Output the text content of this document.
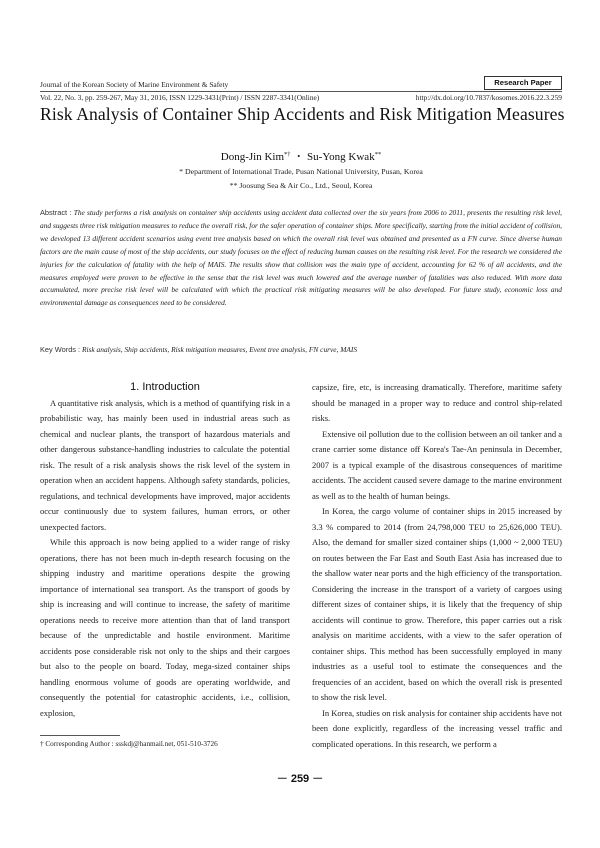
Journal of the Korean Society of Marine Environment & Safety	Research Paper
Vol. 22, No. 3, pp. 259-267, May 31, 2016, ISSN 1229-3431(Print) / ISSN 2287-3341(Online)	http://dx.doi.org/10.7837/kosomes.2016.22.3.259
Risk Analysis of Container Ship Accidents and Risk Mitigation Measures
Dong-Jin Kim*† ・ Su-Yong Kwak**
* Department of International Trade, Pusan National University, Pusan, Korea
** Joosung Sea & Air Co., Ltd., Seoul, Korea
Abstract : The study performs a risk analysis on container ship accidents using accident data collected over the six years from 2006 to 2011, presents the resulting risk level, and suggests three risk mitigation measures to reduce the overall risk, for the safer operation of container ships. More specifically, starting from the initial accident of collision, we developed 13 different accident scenarios using event tree analysis based on which the overall risk level was obtained and presented as a FN curve. Since diverse human factors are the main cause of most of the ship accidents, our study focuses on the effect of reducing human causes on the resulting risk level. For the research we considered the injuries for the calculation of fatality with the help of MAIS. The results show that collision was the main type of accident, accounting for 62 % of all accidents, and the measures employed were proven to be effective in the sense that the risk level was much lowered and the average number of fatalities was also reduced. With more data accumulated, more precise risk level will be calculated with which the practical risk mitigating measures will be also developed. For future study, economic loss and environmental damage as consequences need to be considered.
Key Words : Risk analysis, Ship accidents, Risk mitigation measures, Event tree analysis, FN curve, MAIS

1. Introduction

A quantitative risk analysis, which is a method of quantifying risk in a probabilistic way, has mainly been used in industrial areas such as chemical and nuclear plants, the transport of hazardous materials and other dangerous substance-handling industries to calculate the potential risk. The result of a risk analysis shows the risk level of the system in operation when an accident happens. Although safety standards, policies, regulations, and technical developments have improved, major accidents occur continuously due to system failures, human errors, or other unexpected factors.

While this approach is now being applied to a wider range of risky operations, there has not been much in-depth research focusing on the shipping industry and maritime operations despite the growing importance of international sea transport. As the transport of goods by ship is increasing and will continue to increase, the safety of maritime operations needs to receive more attention than that of land transport because of the unpredictable and hostile environment. Maritime accidents pose considerable risk not only to the ships and their cargoes but also to the people on board. Today, mega-sized container ships handling enormous volume of goods are operating worldwide, and consequently the potential for catastrophic accidents, i.e., collision, explosion,

capsize, fire, etc, is increasing dramatically. Therefore, maritime safety should be managed in a proper way to reduce and control ship-related risks.

Extensive oil pollution due to the collision between an oil tanker and a crane carrier some distance off Korea's Tae-An peninsula in December, 2007 is a typical example of the disastrous consequences of maritime accidents. The accident caused severe damage to the marine environment as well as to the health of human beings.

In Korea, the cargo volume of container ships in 2015 increased by 3.3 % compared to 2014 (from 24,798,000 TEU to 25,626,000 TEU). Also, the demand for smaller sized container ships (1,000 ~ 2,000 TEU) on routes between the Far East and South East Asia has increased due to the shallow water near ports and the high efficiency of the transportation. Considering the increase in the transport of a variety of cargoes using different sizes of container ships, it is likely that the frequency of ship accidents will continue to grow. Therefore, this paper carries out a risk analysis on maritime accidents, with a view to the safer operation of container ships. This method has been successfully employed in many industries as a useful tool to estimate the consequences and the frequencies of an accident, based on which the overall risk is presented to show the risk level.

In Korea, studies on risk analysis for container ship accidents have not been done explicitly, regardless of the increasing vessel traffic and complicated operations. In this research, we perform a

† Corresponding Author : ssskdj@hanmail.net, 051-510-3726
－ 259 －
